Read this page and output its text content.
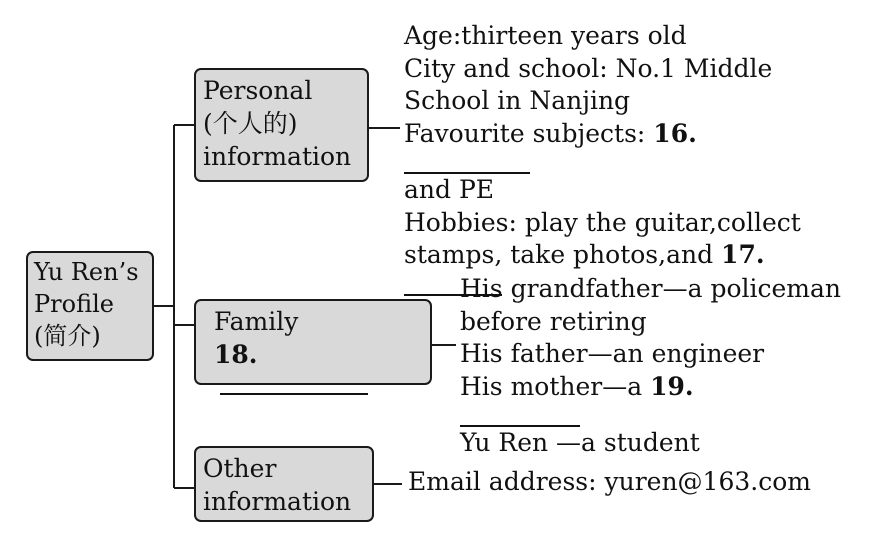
Yu Ren’s
Profile
(简介)
Personal
(个人的)
information
Age:thirteen years old
City and school: No.1 Middle
School in Nanjing
Favourite subjects: 16.
and PE
Hobbies: play the guitar,collect
stamps, take photos,and 17.
Family
18.
His grandfather—a policeman
before retiring
His father—an engineer
His mother—a 19.
Yu Ren —a student
Other
information
Email address: yuren@163.com
